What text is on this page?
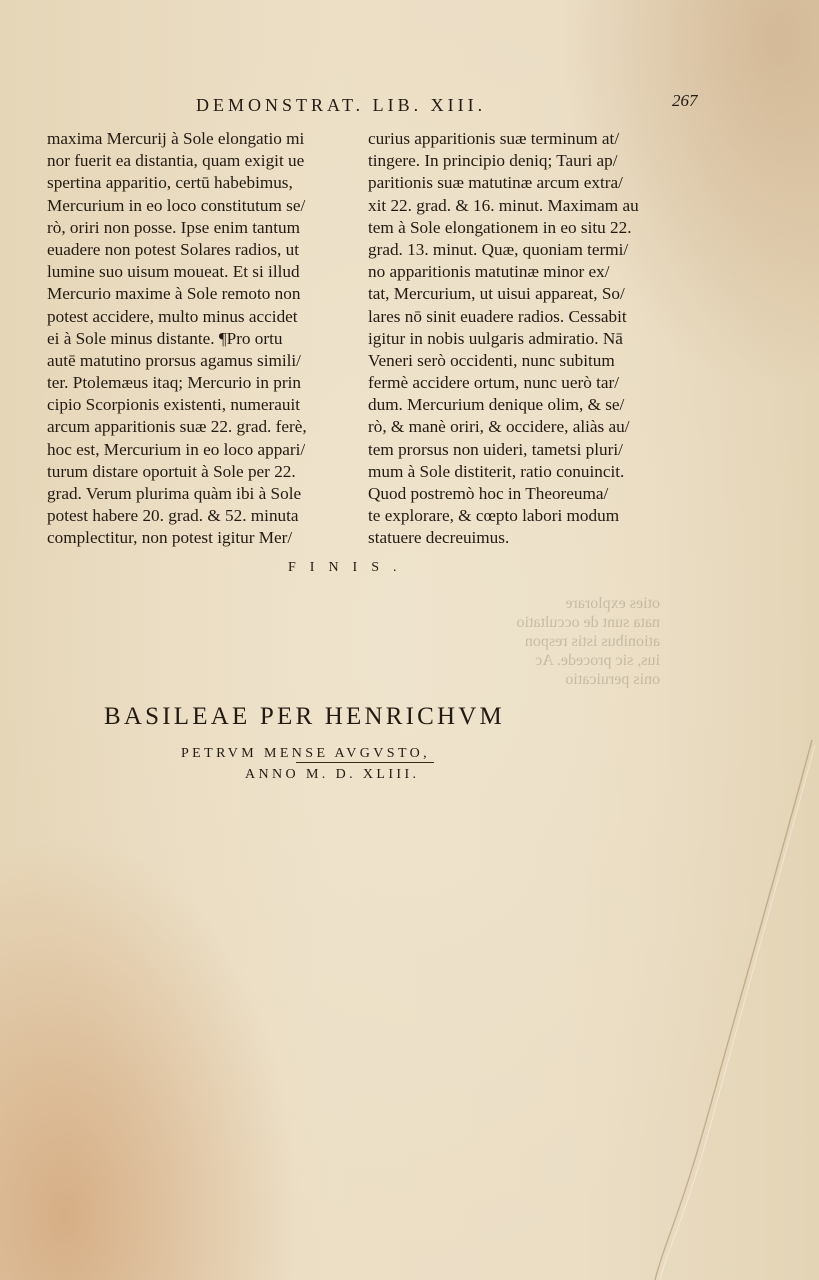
DEMONSTRAT. LIB. XIII.	267
maxima Mercurij à Sole elongatio mi
nor fuerit ea distantia, quam exigit ue
spertina apparitio, certū habebimus,
Mercurium in eo loco constitutum se/
rò, oriri non posse. Ipse enim tantum
euadere non potest Solares radios, ut
lumine suo uisum moueat. Et si illud
Mercurio maxime à Sole remoto non
potest accidere, multo minus accidet
ei à Sole minus distante. ¶Pro ortu
autē matutino prorsus agamus simili/
ter. Ptolemæus itaq; Mercurio in prin
cipio Scorpionis existenti, numerauit
arcum apparitionis suæ 22. grad. ferè,
hoc est, Mercurium in eo loco appari/
turum distare oportuit à Sole per 22.
grad. Verum plurima quàm ibi à Sole
potest habere 20. grad. & 52. minuta
complectitur, non potest igitur Mer/
curius apparitionis suæ terminum at/
tingere. In principio deniq; Tauri ap/
paritionis suæ matutinæ arcum extra/
xit 22. grad. & 16. minut. Maximam au
tem à Sole elongationem in eo situ 22.
grad. 13. minut. Quæ, quoniam termi/
no apparitionis matutinæ minor ex/
tat, Mercurium, ut uisui appareat, So/
lares nō sinit euadere radios. Cessabit
igitur in nobis uulgaris admiratio. Nā
Veneri serò occidenti, nunc subitum
fermè accidere ortum, nunc uerò tar/
dum. Mercurium denique olim, & se/
rò, & manè oriri, & occidere, aliàs au/
tem prorsus non uideri, tametsi pluri/
mum à Sole distiterit, ratio conuincit.
Quod postremò hoc in Theoreuma/
te explorare, & cœpto labori modum
statuere decreuimus.
FINIS.
oties explorare
nata sunt de occultatio
ationibus istis respon
ius, sic procede. Ac
onis peruicatio
BASILEAE PER HENRICHVM
PETRVM MENSE AVGVSTO,
ANNO M. D. XLIII.
